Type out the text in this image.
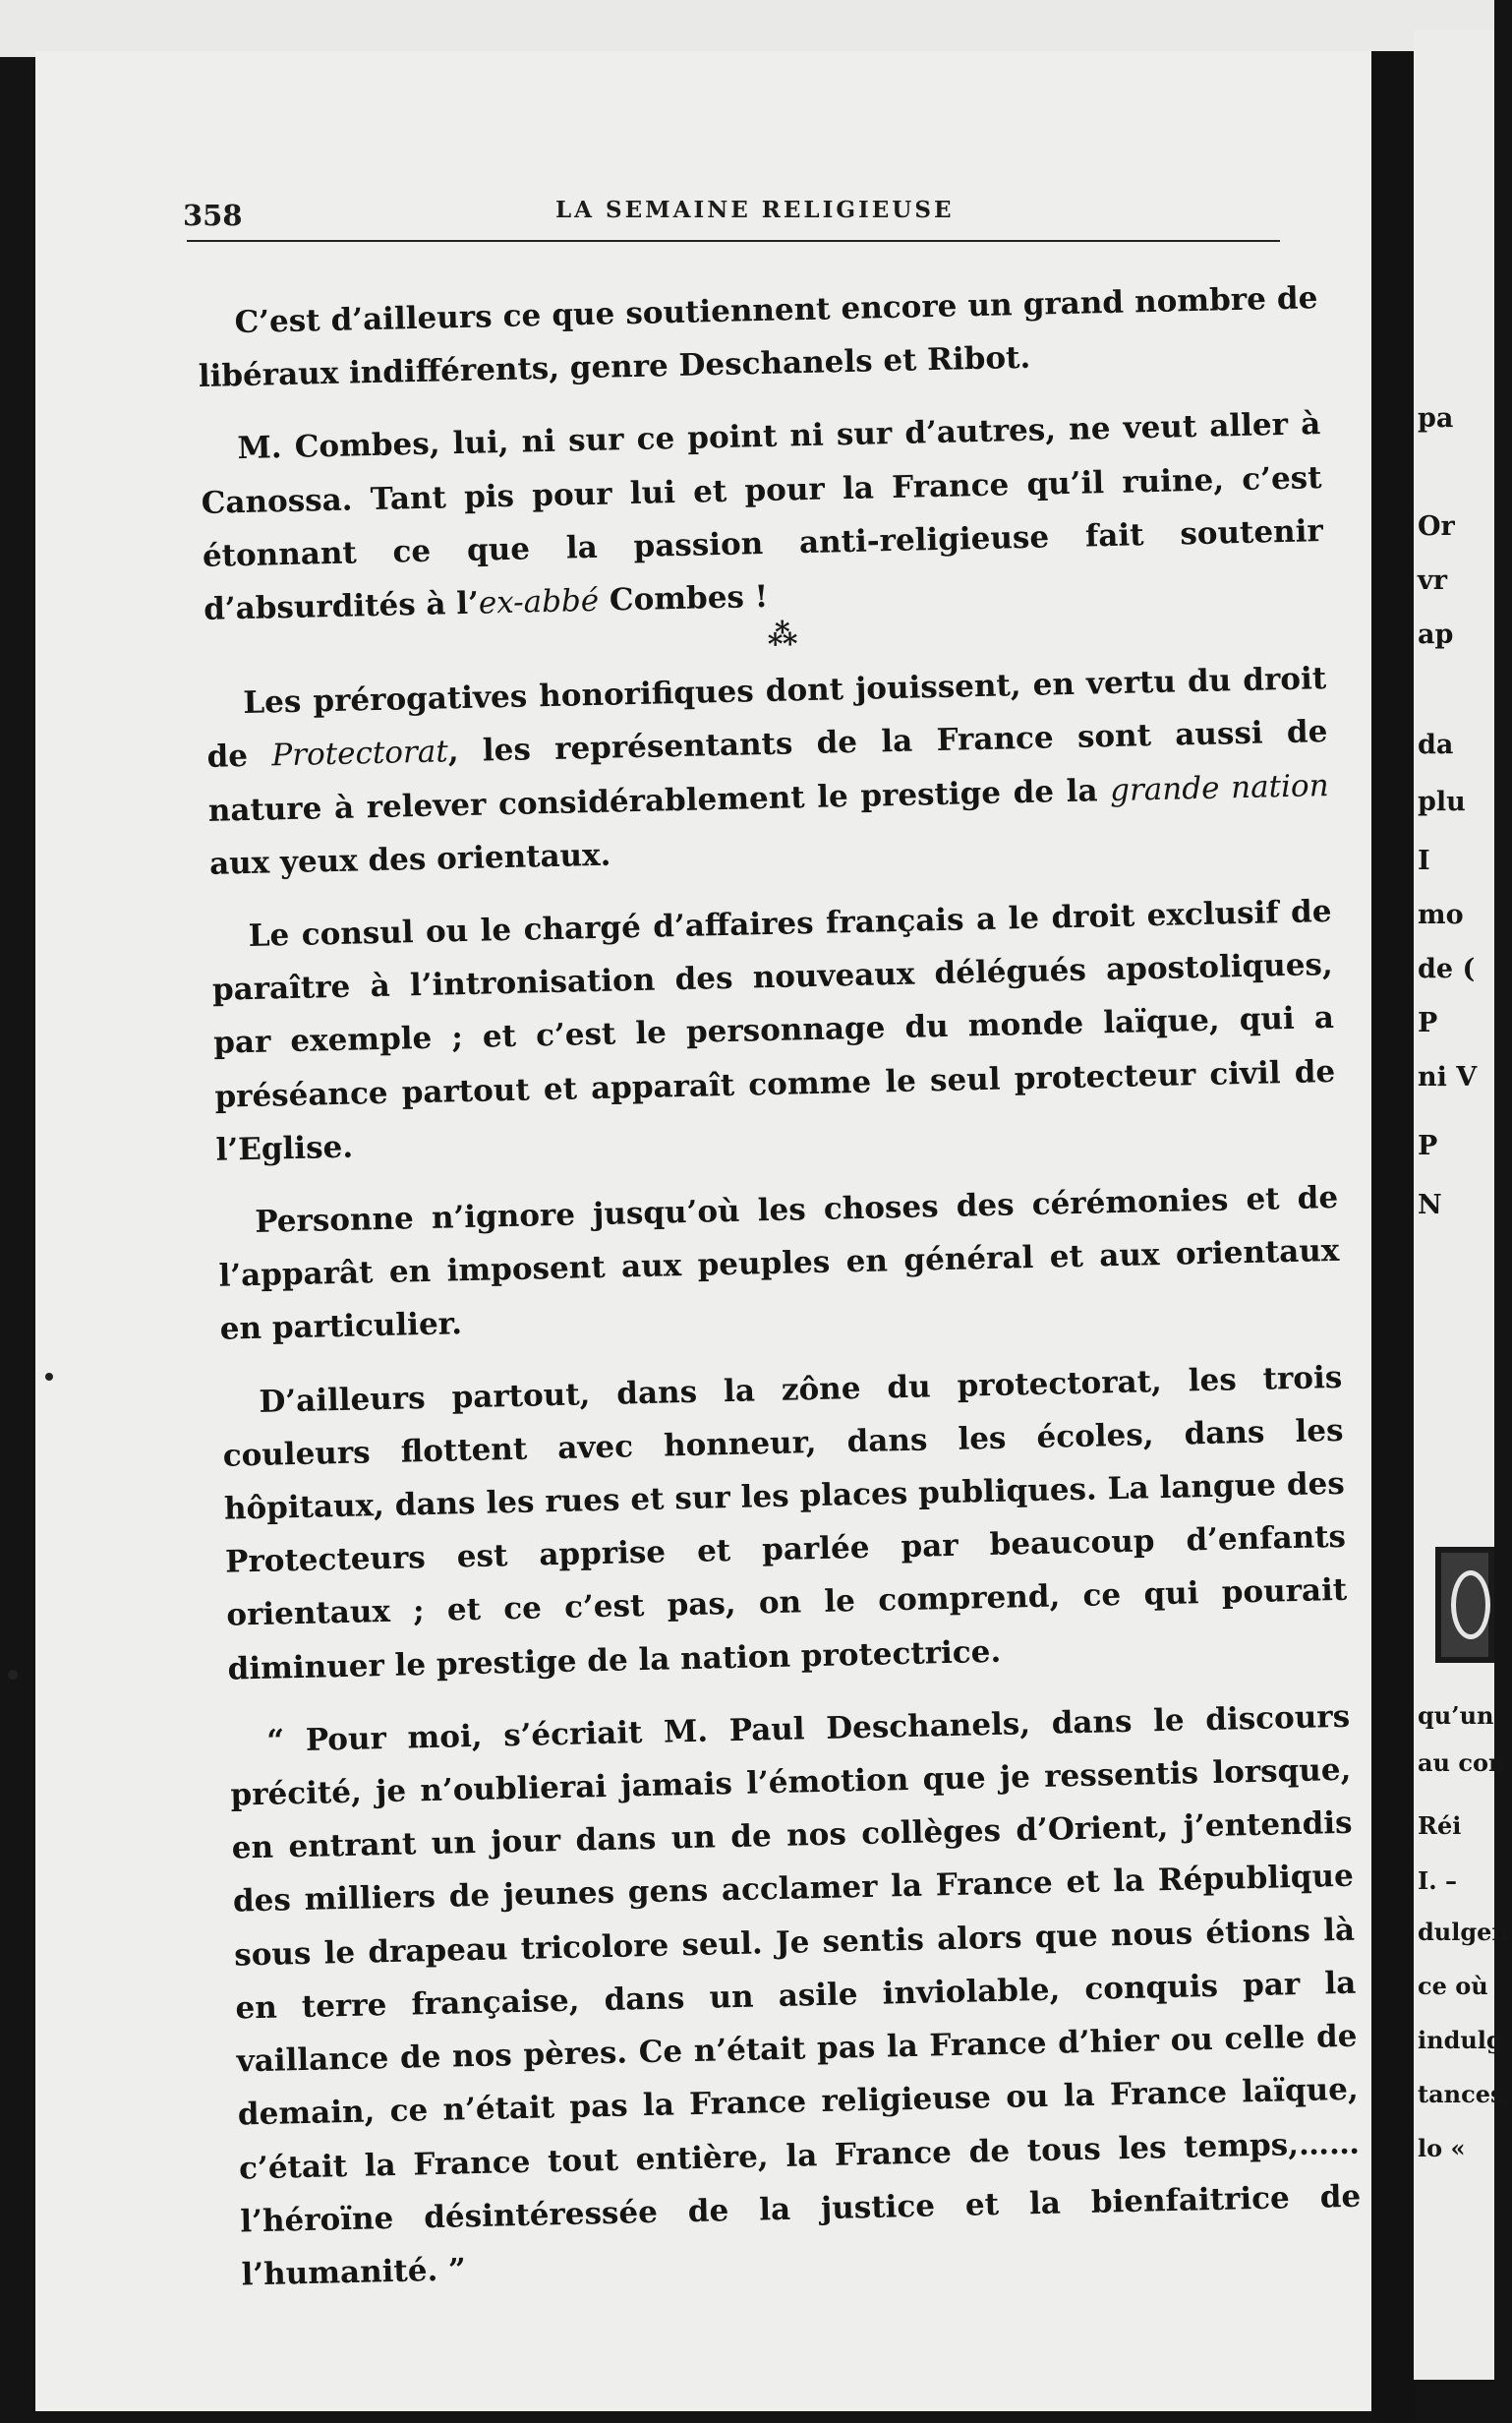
pa
Or
vr
ap
da
plu
I
mo
de (
P
ni V
P
N
qu’un
au con
Réi
I. –
dulgen
ce où
indulg
tances,
lo «
358	LA SEMAINE RELIGIEUSE

C’est d’ailleurs ce que soutiennent encore un grand nombre de libéraux indifférents, genre Deschanels et Ribot.

M. Combes, lui, ni sur ce point ni sur d’autres, ne veut aller à Canossa. Tant pis pour lui et pour la France qu’il ruine, c’est étonnant ce que la passion anti-religieuse fait soutenir d’absurdités à l’ex-abbé Combes !

⁂

Les prérogatives honorifiques dont jouissent, en vertu du droit de Protectorat, les représentants de la France sont aussi de nature à relever considérablement le prestige de la grande nation aux yeux des orientaux.

Le consul ou le chargé d’affaires français a le droit exclusif de paraître à l’intronisation des nouveaux délégués apostoliques, par exemple ; et c’est le personnage du monde laïque, qui a préséance partout et apparaît comme le seul protecteur civil de l’Eglise.

Personne n’ignore jusqu’où les choses des cérémonies et de l’apparât en imposent aux peuples en général et aux orientaux en particulier.

D’ailleurs partout, dans la zône du protectorat, les trois couleurs flottent avec honneur, dans les écoles, dans les hôpitaux, dans les rues et sur les places publiques. La langue des Protecteurs est apprise et parlée par beaucoup d’enfants orientaux ; et ce c’est pas, on le comprend, ce qui pourait diminuer le prestige de la nation protectrice.

“ Pour moi, s’écriait M. Paul Deschanels, dans le discours précité, je n’oublierai jamais l’émotion que je ressentis lorsque, en entrant un jour dans un de nos collèges d’Orient, j’entendis des milliers de jeunes gens acclamer la France et la République sous le drapeau tricolore seul. Je sentis alors que nous étions là en terre française, dans un asile inviolable, conquis par la vaillance de nos pères. Ce n’était pas la France d’hier ou celle de demain, ce n’était pas la France religieuse ou la France laïque, c’était la France tout entière, la France de tous les temps,……l’héroïne désintéressée de la justice et la bienfaitrice de l’humanité. ”
